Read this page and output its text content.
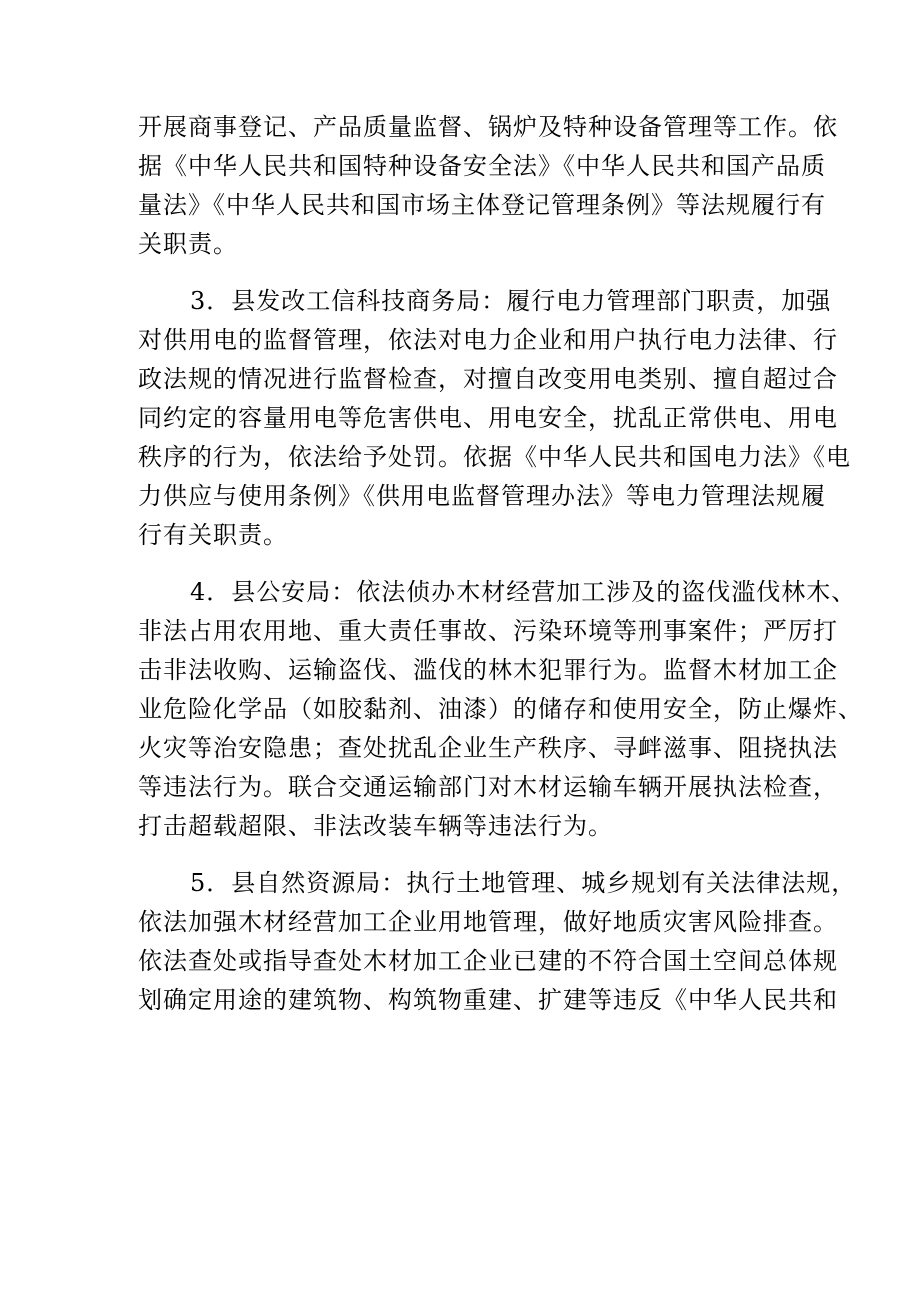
开展商事登记、产品质量监督、锅炉及特种设备管理等工作。依
据《中华人民共和国特种设备安全法》《中华人民共和国产品质
量法》《中华人民共和国市场主体登记管理条例》等法规履行有
关职责。
3．县发改工信科技商务局：履行电力管理部门职责，加强
对供用电的监督管理，依法对电力企业和用户执行电力法律、行
政法规的情况进行监督检查，对擅自改变用电类别、擅自超过合
同约定的容量用电等危害供电、用电安全，扰乱正常供电、用电
秩序的行为，依法给予处罚。依据《中华人民共和国电力法》《电
力供应与使用条例》《供用电监督管理办法》等电力管理法规履
行有关职责。
4．县公安局：依法侦办木材经营加工涉及的盗伐滥伐林木、
非法占用农用地、重大责任事故、污染环境等刑事案件；严厉打
击非法收购、运输盗伐、滥伐的林木犯罪行为。监督木材加工企
业危险化学品（如胶黏剂、油漆）的储存和使用安全，防止爆炸、
火灾等治安隐患；查处扰乱企业生产秩序、寻衅滋事、阻挠执法
等违法行为。联合交通运输部门对木材运输车辆开展执法检查，
打击超载超限、非法改装车辆等违法行为。
5．县自然资源局：执行土地管理、城乡规划有关法律法规，
依法加强木材经营加工企业用地管理，做好地质灾害风险排查。
依法查处或指导查处木材加工企业已建的不符合国土空间总体规
划确定用途的建筑物、构筑物重建、扩建等违反《中华人民共和
